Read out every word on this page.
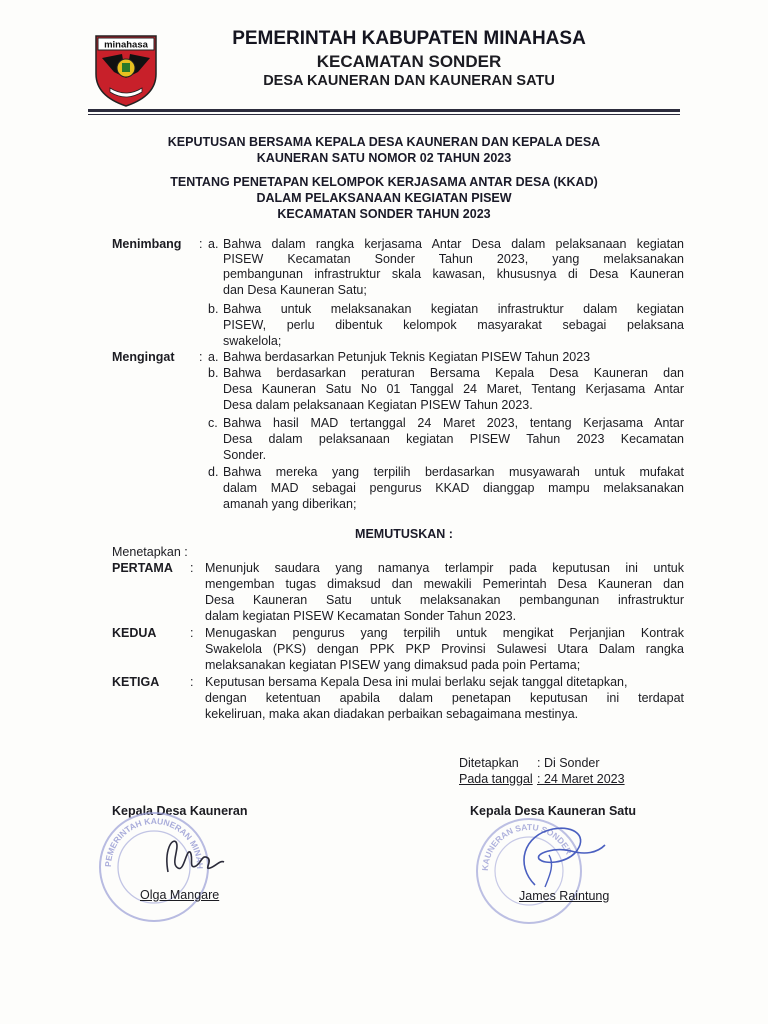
minahasa	PEMERINTAH KABUPATEN MINAHASA
KECAMATAN SONDER
DESA KAUNERAN DAN KAUNERAN SATU
KEPUTUSAN BERSAMA KEPALA DESA KAUNERAN DAN KEPALA DESA
KAUNERAN SATU NOMOR 02 TAHUN 2023
TENTANG PENETAPAN KELOMPOK KERJASAMA ANTAR DESA (KKAD)
DALAM PELAKSANAAN KEGIATAN PISEW
KECAMATAN SONDER TAHUN 2023
Menimbang : a. Bahwa dalam rangka kerjasama Antar Desa dalam pelaksanaan kegiatan
PISEW Kecamatan Sonder Tahun 2023, yang melaksanakan
pembangunan infrastruktur skala kawasan, khususnya di Desa Kauneran
dan Desa Kauneran Satu;
b. Bahwa untuk melaksanakan kegiatan infrastruktur dalam kegiatan
PISEW, perlu dibentuk kelompok masyarakat sebagai pelaksana
swakelola;
Mengingat : a. Bahwa berdasarkan Petunjuk Teknis Kegiatan PISEW Tahun 2023
b. Bahwa berdasarkan peraturan Bersama Kepala Desa Kauneran dan
Desa Kauneran Satu No 01 Tanggal 24 Maret, Tentang Kerjasama Antar
Desa dalam pelaksanaan Kegiatan PISEW Tahun 2023.
c. Bahwa hasil MAD tertanggal 24 Maret 2023, tentang Kerjasama Antar
Desa dalam pelaksanaan kegiatan PISEW Tahun 2023 Kecamatan
Sonder.
d. Bahwa mereka yang terpilih berdasarkan musyawarah untuk mufakat
dalam MAD sebagai pengurus KKAD dianggap mampu melaksanakan
amanah yang diberikan;
MEMUTUSKAN :
Menetapkan :
PERTAMA : Menunjuk saudara yang namanya terlampir pada keputusan ini untuk
mengemban tugas dimaksud dan mewakili Pemerintah Desa Kauneran dan
Desa Kauneran Satu untuk melaksanakan pembangunan infrastruktur
dalam kegiatan PISEW Kecamatan Sonder Tahun 2023.
KEDUA	: Menugaskan pengurus yang terpilih untuk mengikat Perjanjian Kontrak
Swakelola (PKS) dengan PPK PKP Provinsi Sulawesi Utara Dalam rangka
melaksanakan kegiatan PISEW yang dimaksud pada poin Pertama;
KETIGA : Keputusan bersama Kepala Desa ini mulai berlaku sejak tanggal ditetapkan,
dengan ketentuan apabila dalam penetapan keputusan ini terdapat
kekeliruan, maka akan diadakan perbaikan sebagaimana mestinya.
Ditetapkan : Di Sonder
Pada tanggal : 24 Maret 2023
Kepala Desa Kauneran
PEMERINTAH KAUNERAN MINAH
Olga Mangare
Kepala Desa Kauneran Satu
KAUNERAN SATU SONDER
James Raintung
